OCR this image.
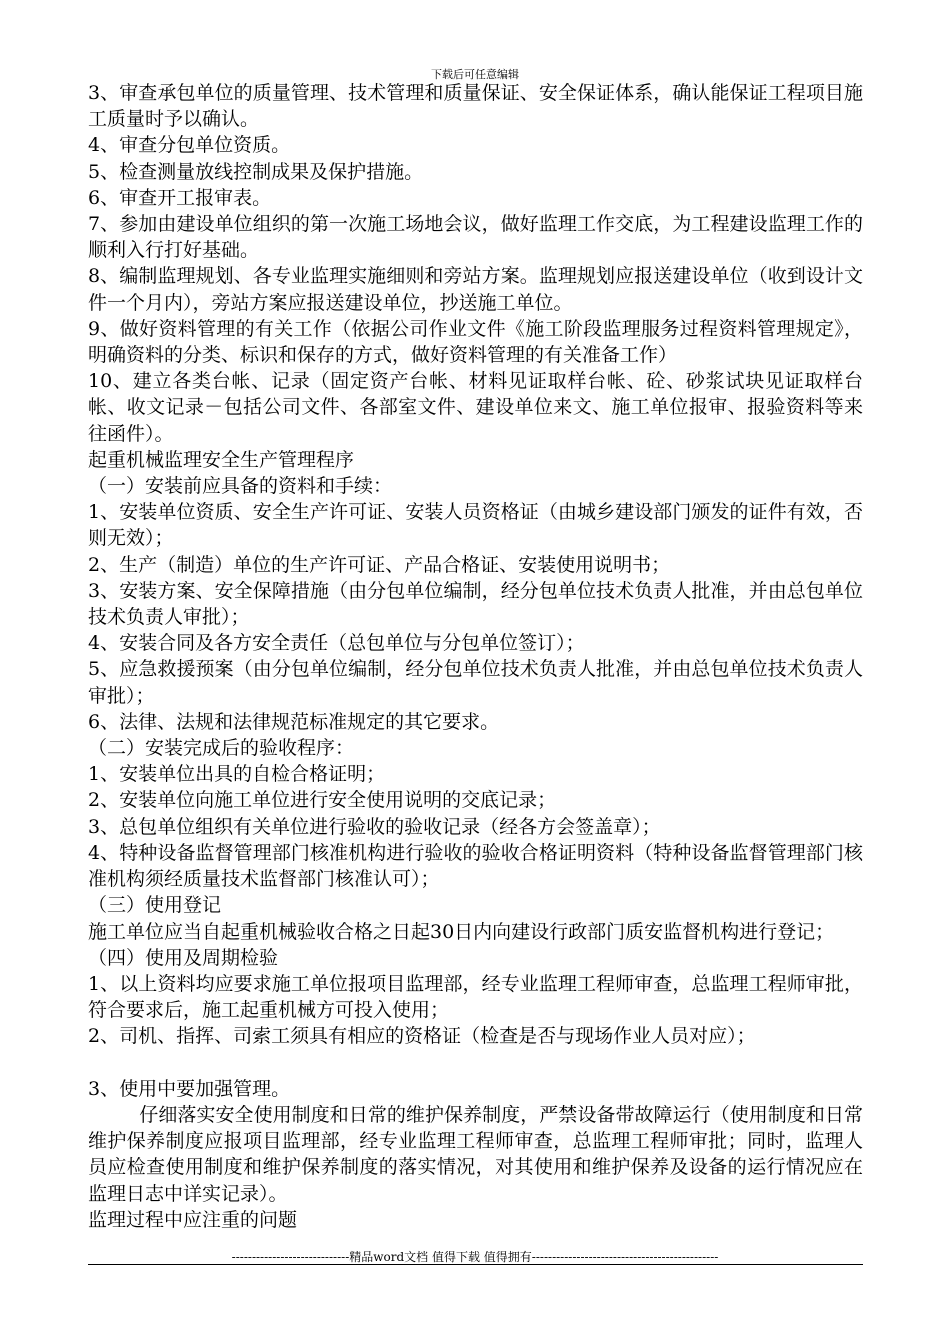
下载后可任意编辑

3、审查承包单位的质量管理、技术管理和质量保证、安全保证体系，确认能保证工程项目施工质量时予以确认。

4、审查分包单位资质。

5、检查测量放线控制成果及保护措施。

6、审查开工报审表。

7、参加由建设单位组织的第一次施工场地会议，做好监理工作交底，为工程建设监理工作的顺利入行打好基础。

8、编制监理规划、各专业监理实施细则和旁站方案。监理规划应报送建设单位（收到设计文件一个月内），旁站方案应报送建设单位，抄送施工单位。

9、做好资料管理的有关工作（依据公司作业文件《施工阶段监理服务过程资料管理规定》，明确资料的分类、标识和保存的方式，做好资料管理的有关准备工作）

10、建立各类台帐、记录（固定资产台帐、材料见证取样台帐、砼、砂浆试块见证取样台帐、收文记录－包括公司文件、各部室文件、建设单位来文、施工单位报审、报验资料等来往函件）。

起重机械监理安全生产管理程序

（一）安装前应具备的资料和手续：

1、安装单位资质、安全生产许可证、安装人员资格证（由城乡建设部门颁发的证件有效，否则无效）；

2、生产（制造）单位的生产许可证、产品合格证、安装使用说明书；

3、安装方案、安全保障措施（由分包单位编制，经分包单位技术负责人批准，并由总包单位技术负责人审批）；

4、安装合同及各方安全责任（总包单位与分包单位签订）；

5、应急救援预案（由分包单位编制，经分包单位技术负责人批准，并由总包单位技术负责人审批）；

6、法律、法规和法律规范标准规定的其它要求。

（二）安装完成后的验收程序：

1、安装单位出具的自检合格证明；

2、安装单位向施工单位进行安全使用说明的交底记录；

3、总包单位组织有关单位进行验收的验收记录（经各方会签盖章）；

4、特种设备监督管理部门核准机构进行验收的验收合格证明资料（特种设备监督管理部门核准机构须经质量技术监督部门核准认可）；

（三）使用登记

施工单位应当自起重机械验收合格之日起30日内向建设行政部门质安监督机构进行登记；

（四）使用及周期检验

1、以上资料均应要求施工单位报项目监理部，经专业监理工程师审查，总监理工程师审批，符合要求后，施工起重机械方可投入使用；

2、司机、指挥、司索工须具有相应的资格证（检查是否与现场作业人员对应）；

3、使用中要加强管理。

仔细落实安全使用制度和日常的维护保养制度，严禁设备带故障运行（使用制度和日常维护保养制度应报项目监理部，经专业监理工程师审查，总监理工程师审批；同时，监理人员应检查使用制度和维护保养制度的落实情况，对其使用和维护保养及设备的运行情况应在监理日志中详实记录）。

监理过程中应注重的问题

-----------------------------精品word文档 值得下载 值得拥有----------------------------------------------
